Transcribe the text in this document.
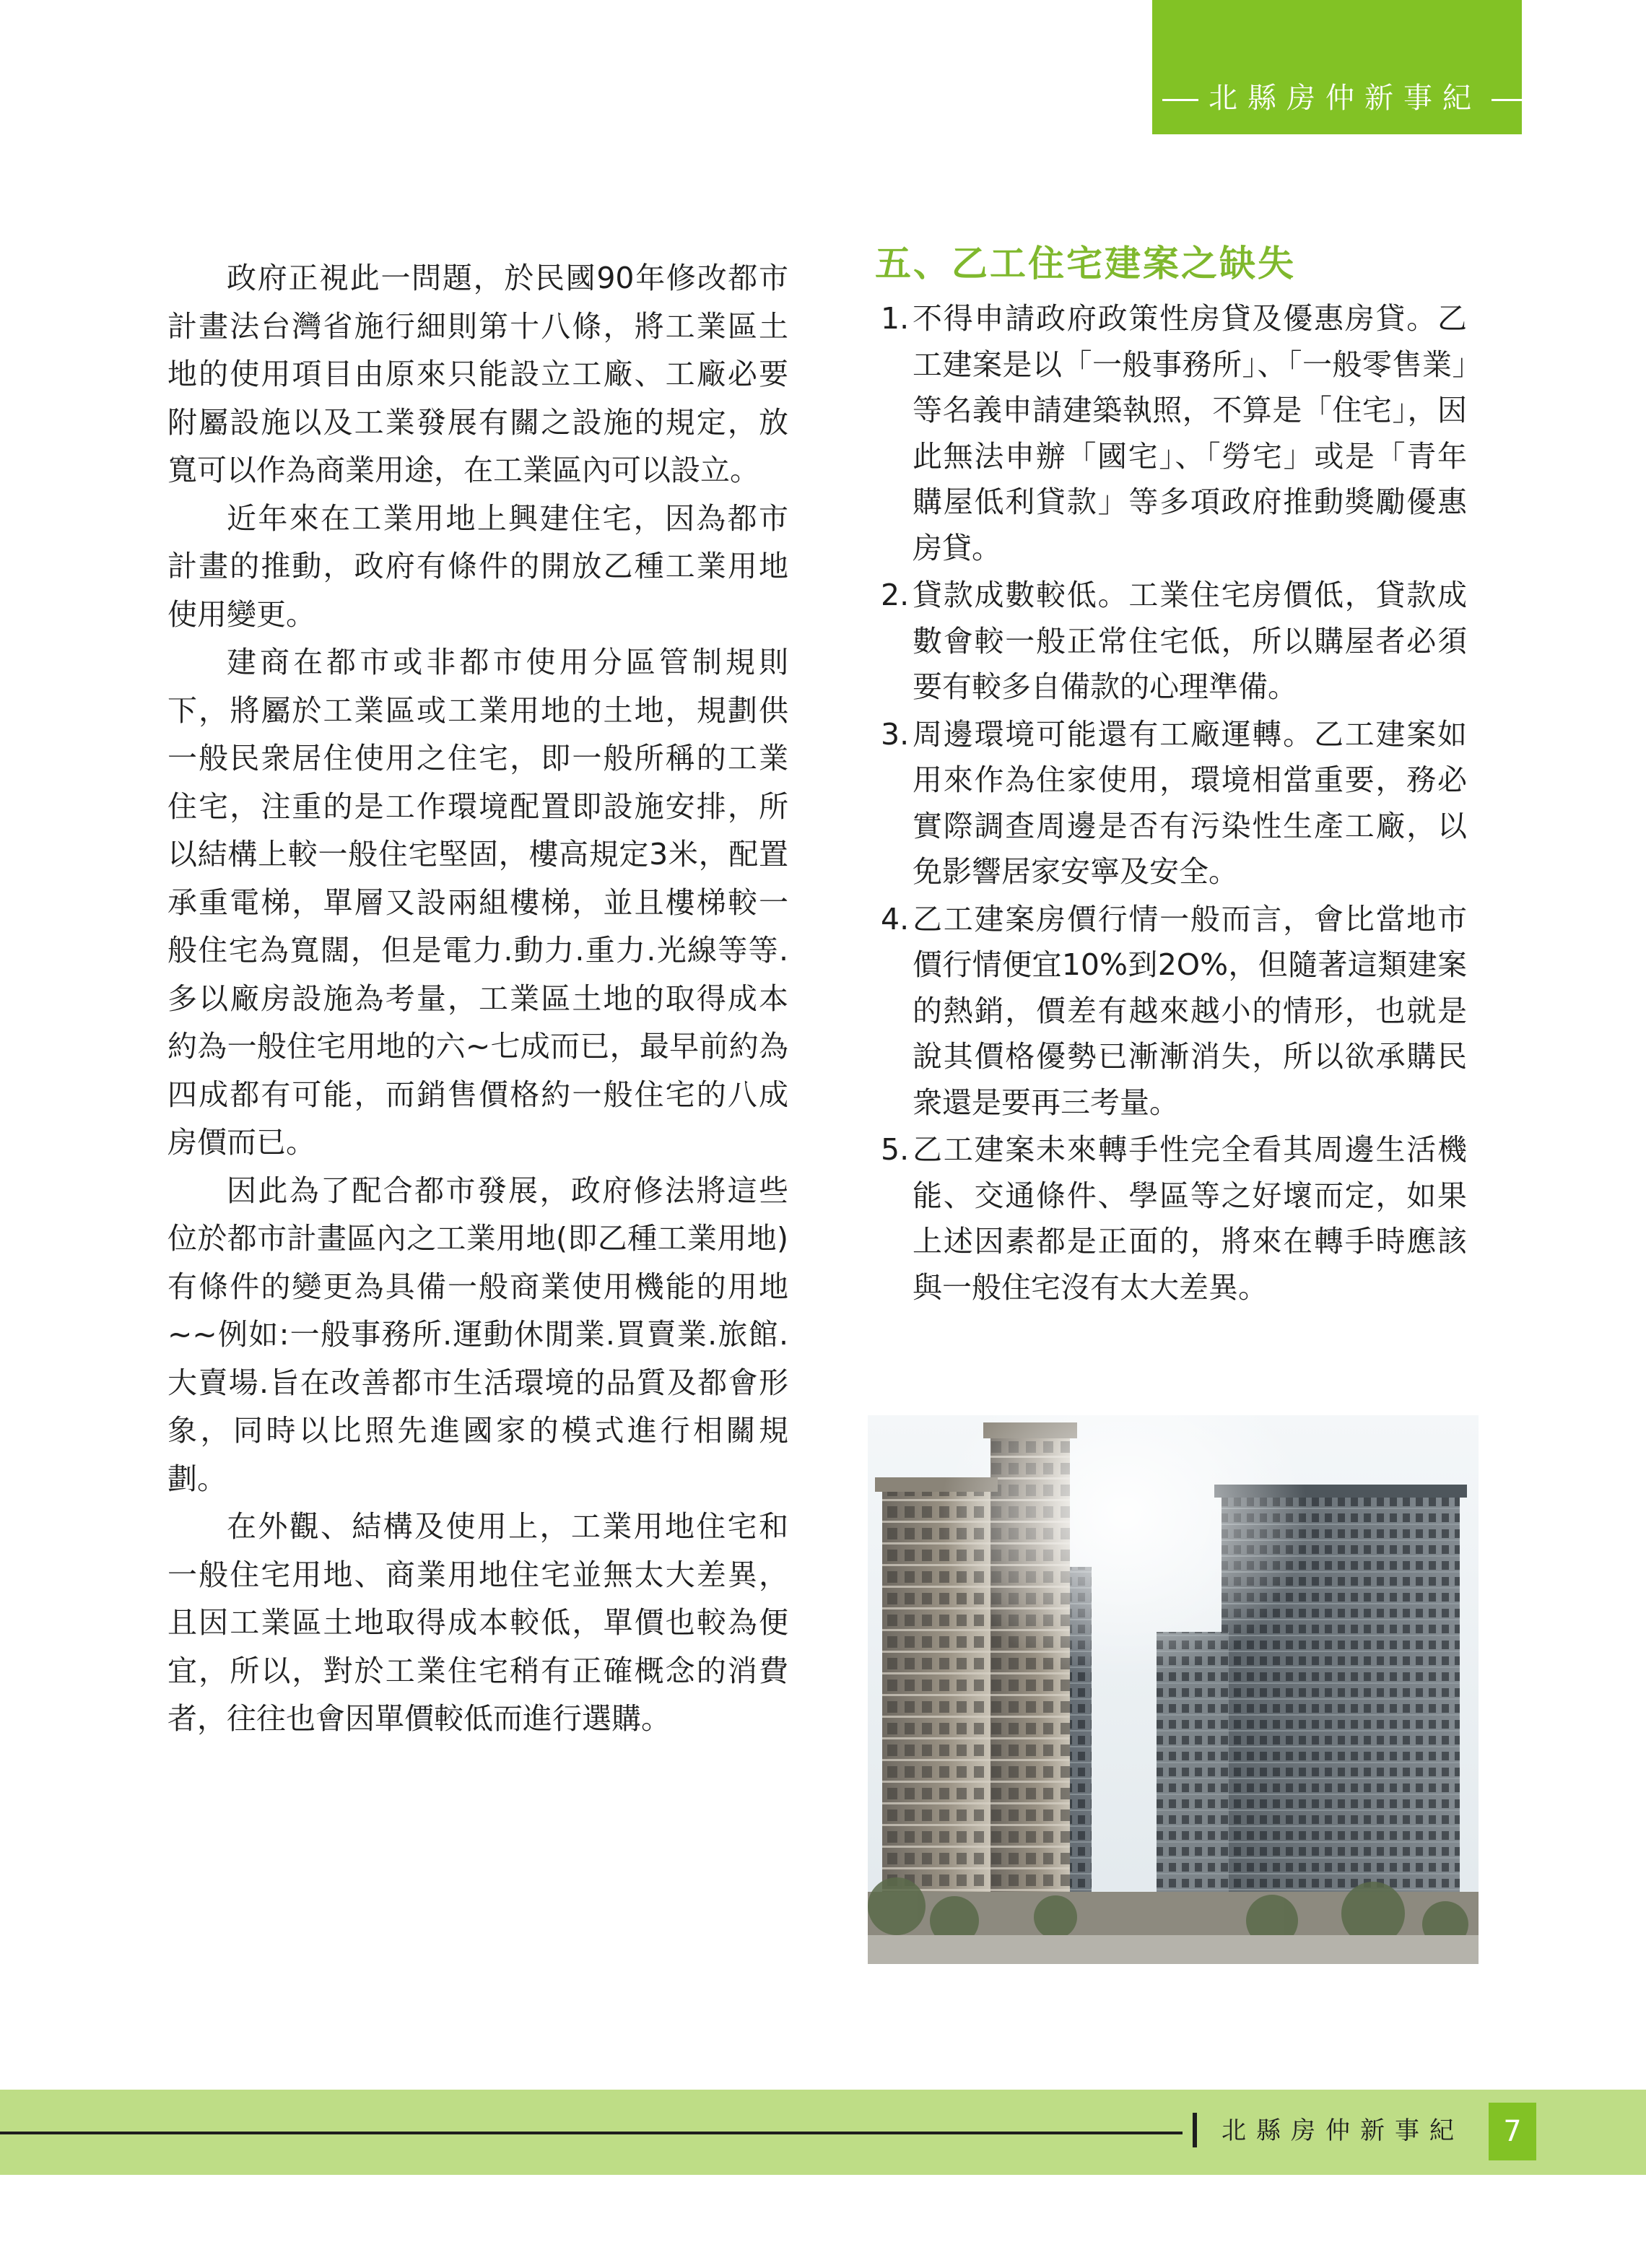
北縣房仲新事紀

政府正視此一問題，於民國90年修改都市計畫法台灣省施行細則第十八條，將工業區土地的使用項目由原來只能設立工廠、工廠必要附屬設施以及工業發展有關之設施的規定，放寬可以作為商業用途，在工業區內可以設立。

近年來在工業用地上興建住宅，因為都市計畫的推動，政府有條件的開放乙種工業用地使用變更。

建商在都市或非都市使用分區管制規則下，將屬於工業區或工業用地的土地，規劃供一般民衆居住使用之住宅，即一般所稱的工業住宅，注重的是工作環境配置即設施安排，所以結構上較一般住宅堅固，樓高規定3米，配置承重電梯，單層又設兩組樓梯，並且樓梯較一般住宅為寬闊，但是電力.動力.重力.光線等等.多以廠房設施為考量，工業區土地的取得成本約為一般住宅用地的六~七成而已，最早前約為四成都有可能，而銷售價格約一般住宅的八成房價而已。

因此為了配合都市發展，政府修法將這些位於都市計畫區內之工業用地(即乙種工業用地)有條件的變更為具備一般商業使用機能的用地~~例如:一般事務所.運動休閒業.買賣業.旅館.大賣場.旨在改善都市生活環境的品質及都會形象，同時以比照先進國家的模式進行相關規劃。

在外觀、結構及使用上，工業用地住宅和一般住宅用地、商業用地住宅並無太大差異，且因工業區土地取得成本較低，單價也較為便宜，所以，對於工業住宅稍有正確概念的消費者，往往也會因單價較低而進行選購。

五、乙工住宅建案之缺失
1. 不得申請政府政策性房貸及優惠房貸。乙工建案是以「一般事務所」、「一般零售業」等名義申請建築執照，不算是「住宅」，因此無法申辦「國宅」、「勞宅」或是「青年購屋低利貸款」等多項政府推動獎勵優惠房貸。
2. 貸款成數較低。工業住宅房價低，貸款成數會較一般正常住宅低，所以購屋者必須要有較多自備款的心理準備。
3. 周邊環境可能還有工廠運轉。乙工建案如用來作為住家使用，環境相當重要，務必實際調查周邊是否有污染性生產工廠，以免影響居家安寧及安全。
4. 乙工建案房價行情一般而言，會比當地市價行情便宜10%到2O%，但隨著這類建案的熱銷，價差有越來越小的情形，也就是說其價格優勢已漸漸消失，所以欲承購民衆還是要再三考量。
5. 乙工建案未來轉手性完全看其周邊生活機能、交通條件、學區等之好壞而定，如果上述因素都是正面的，將來在轉手時應該與一般住宅沒有太大差異。
北縣房仲新事紀	7
